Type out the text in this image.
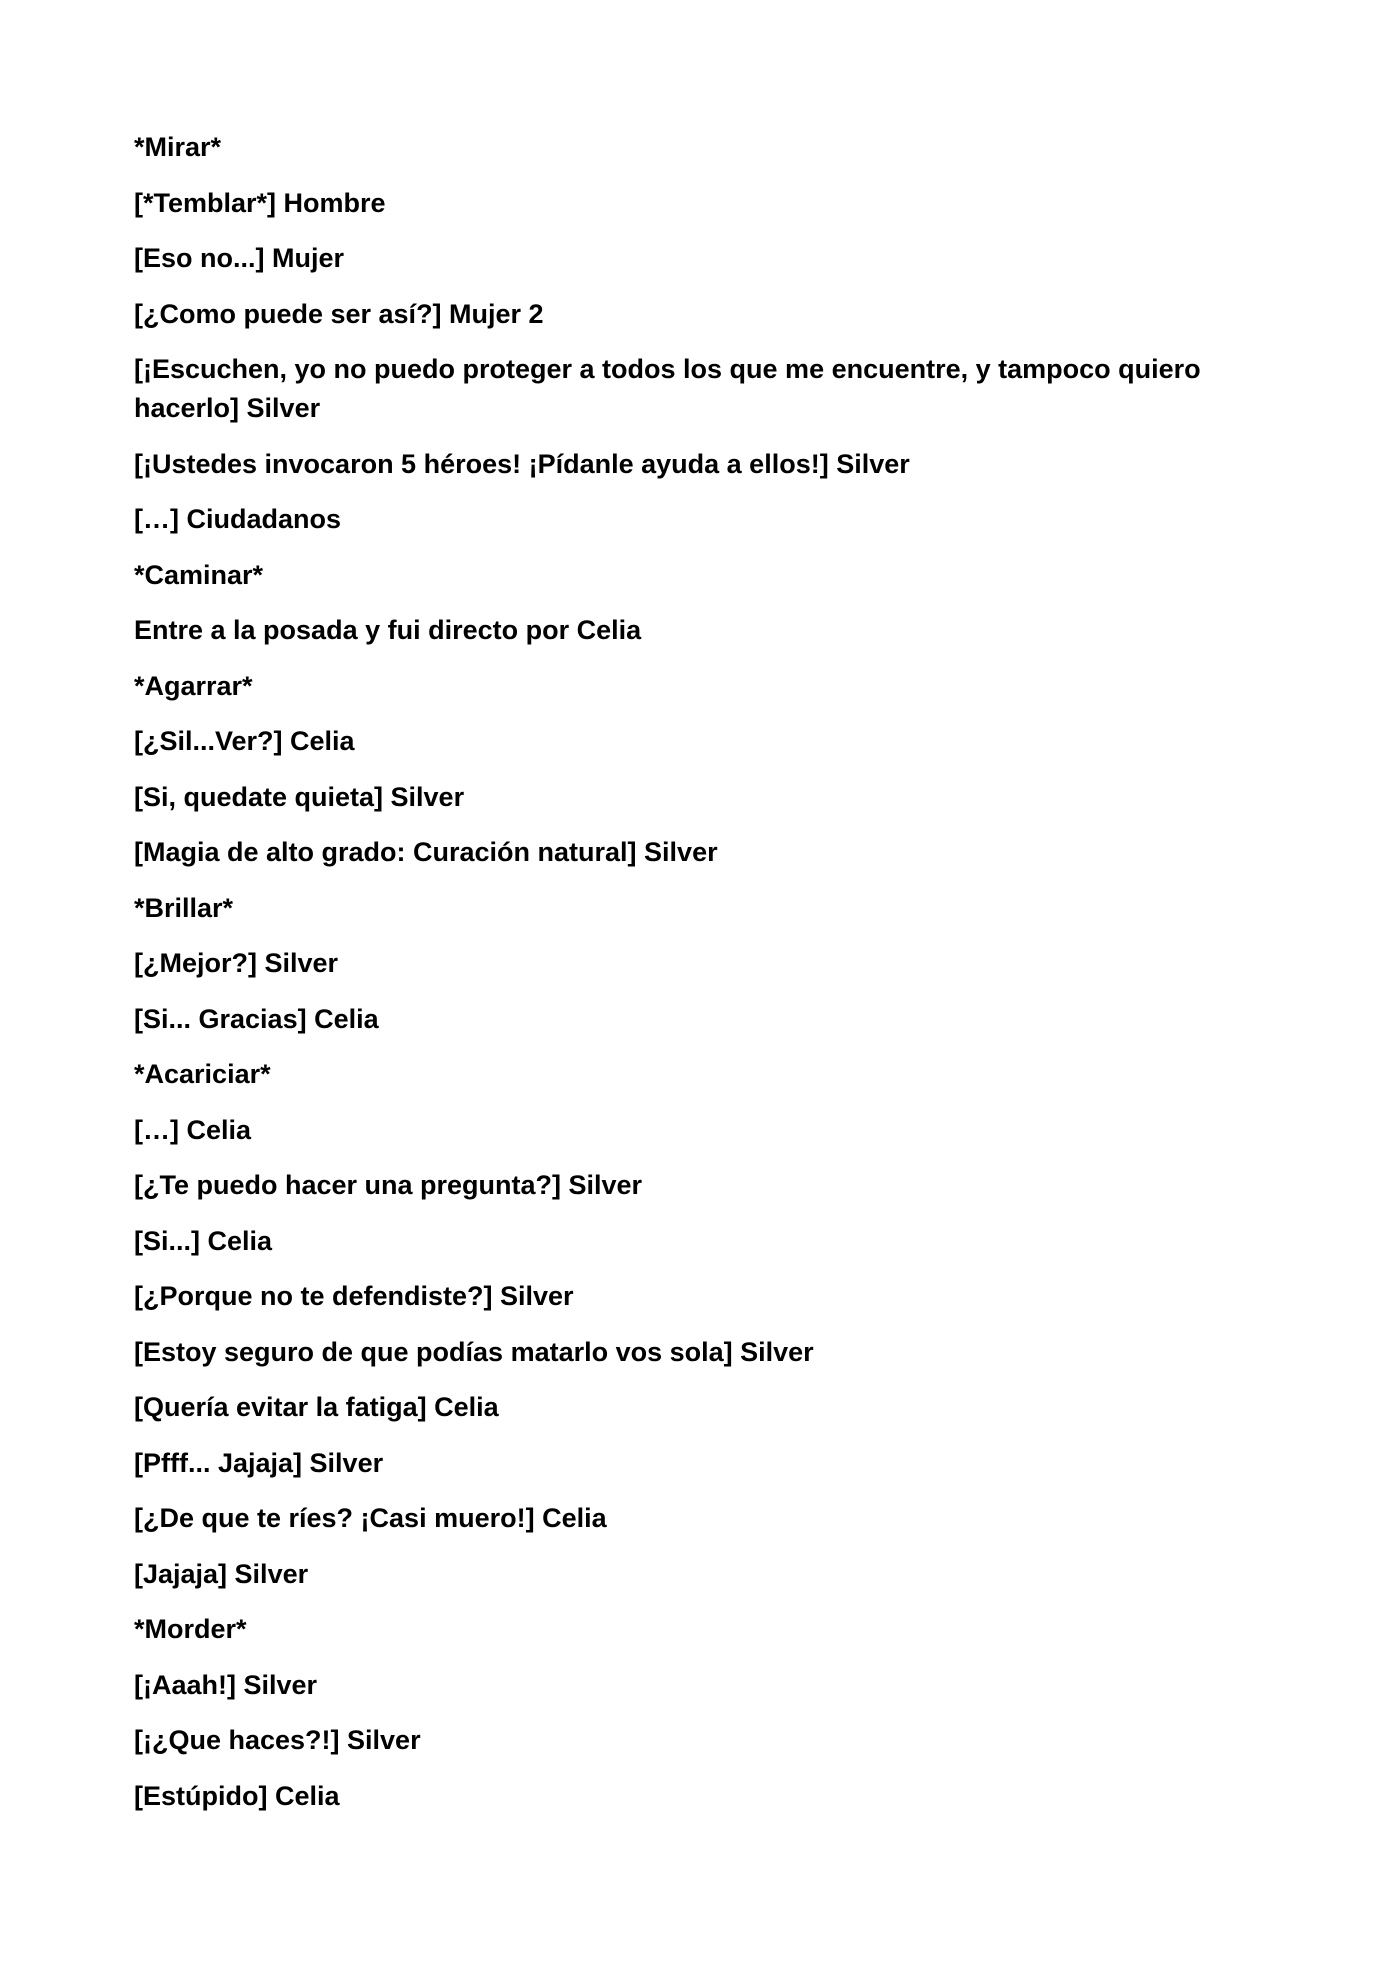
*Mirar*

[*Temblar*] Hombre

[Eso no...] Mujer

[¿Como puede ser así?] Mujer 2

[¡Escuchen, yo no puedo proteger a todos los que me encuentre, y tampoco quiero hacerlo] Silver

[¡Ustedes invocaron 5 héroes! ¡Pídanle ayuda a ellos!] Silver

[…] Ciudadanos

*Caminar*

Entre a la posada y fui directo por Celia

*Agarrar*

[¿Sil...Ver?] Celia

[Si, quedate quieta] Silver

[Magia de alto grado: Curación natural] Silver

*Brillar*

[¿Mejor?] Silver

[Si... Gracias] Celia

*Acariciar*

[…] Celia

[¿Te puedo hacer una pregunta?] Silver

[Si...] Celia

[¿Porque no te defendiste?] Silver

[Estoy seguro de que podías matarlo vos sola] Silver

[Quería evitar la fatiga] Celia

[Pfff... Jajaja] Silver

[¿De que te ríes? ¡Casi muero!] Celia

[Jajaja] Silver

*Morder*

[¡Aaah!] Silver

[¡¿Que haces?!] Silver

[Estúpido] Celia
